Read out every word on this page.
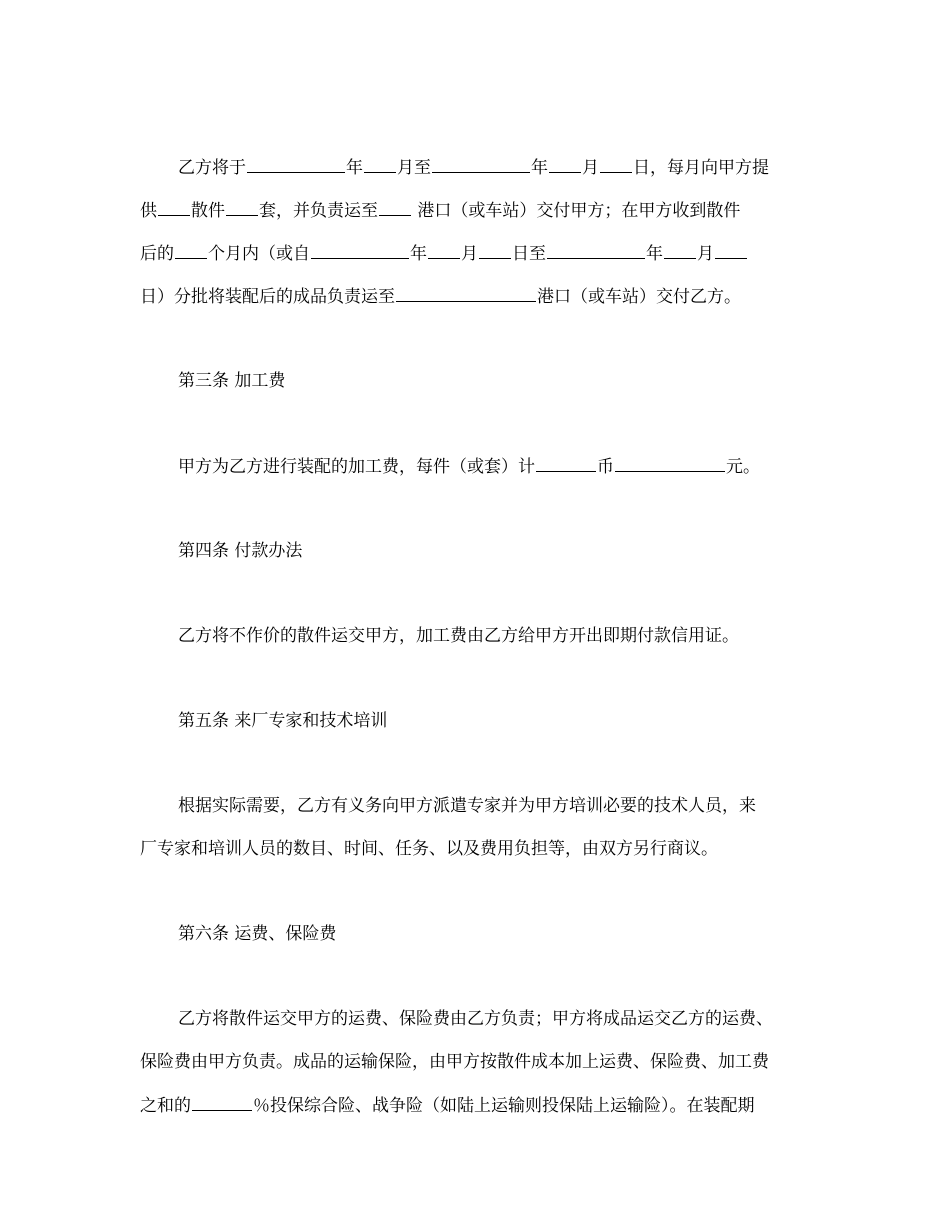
乙方将于	年 月至	年 月 日，每月向甲方提
供 散件 套，并负责运至 港口（或车站）交付甲方；在甲方收到散件
后的 个月内（或自	年 月 日至	年 月
日）分批将装配后的成品负责运至	港口（或车站）交付乙方。
第三条 加工费
甲方为乙方进行装配的加工费，每件（或套）计	币	元。
第四条 付款办法
乙方将不作价的散件运交甲方，加工费由乙方给甲方开出即期付款信用证。
第五条 来厂专家和技术培训
根据实际需要，乙方有义务向甲方派遣专家并为甲方培训必要的技术人员，来
厂专家和培训人员的数目、时间、任务、以及费用负担等，由双方另行商议。
第六条 运费、保险费
乙方将散件运交甲方的运费、保险费由乙方负责；甲方将成品运交乙方的运费、
保险费由甲方负责。成品的运输保险，由甲方按散件成本加上运费、保险费、加工费
之和的	％投保综合险、战争险（如陆上运输则投保陆上运输险）。在装配期
